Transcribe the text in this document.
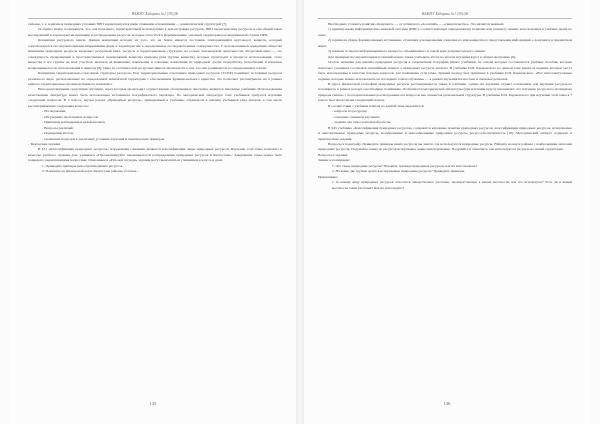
ВАЖНУ Хабаршы №1 (39) (Ж

сильнее, т. е. наличие и природных условиях ПРП характеризуется шире главными основанными — климатической структурой [7].

Особенно важно подчеркнуть, что, как показанно, характеристикой используемых в демонстрации ресурсов, ПРП характеристику ресурсов и сам общий закон исследований и характеристик принципа и распределения ресурсов, которые относятся к формированию основной территории рассматриваемой страны ПРП.

Концепция ресурсного цикла. Данная концепция исходит из того, что на Земле имеется постоянно повторяющийся круговорот веществ, который сопровождается последовательными изменениями форм и характеристик в определенных последовательных совокупностях. С использованием концепции общества изменения природных ресурсов выделяют ресурсный цикл, ресурсы и территориальная структура, на основе человеческой деятельности. Ресурсный цикл — это совокупность превращений и пространственных перемещений вещества природы (или группы веществ), которые происходят в процессе использования, этого вещества и его группы на всех участках, включая её выявление, извлечение и освоение, извлечения из природной среды, переработку, потребление и конечное возвращение после использования в природу [8]. Одна из особенностей ресурсных циклов заключается в том, что они развиваются по определенным этапам.

Концепция территориально-отраслевой структуры ресурсов. Под территориальным сочетанием природных ресурсов (ТСПР) понимают источники ресурсов различного вида, расположенных на определенной компактной территории с обеспечением функционального единства, что позволяет рассматривать их в рамках единого территориально-производственного комплекса.

Непосредственными средствами обучения, через которые происходит осуществление обозначенных программ, являются школьные учебники. Использованная качественная литература может быть использована источником географического характера. По методической литературе этих учебников требуется изучение следующих вопросов. В 5 классе, изучая раздел «Природные ресурсы», приведенный в учебнике, обращается к анализу учебников ряда авторов, в том числе рассматривающих следующие вопросы:

- Исследование;

- Обсуждение проблемных вопросов;

- Принципы наблюдения и целей анализа;

- Вопросы различий;

- Подведение итогов;

- Сравнение подходов в различных условиях изучения и практических примеров.

- Творческие задания.

В §31 «Классификация природных ресурсов» изучаемыми главными являются классификации, виды природных ресурсов. Изучение этой темы позволяет в качестве учебного задания дать учащимся «Проанализируйте закономерности распределения природных ресурсов в Казахстане». Завершение темы может быть подведено закрепляющими вопросами. Описанные в «Рабочей тетради» задания могут выполняться учащимися в классе и дома:

1. Приведите примеры невоспроизводимых ресурсов.

2. Покажите на физической карте Казахстана районы, богатые...

135
ВАЖНУ Хабаршы №1 (39) (Ж

Необходимо уточнить понятия «Документ» — от латинского «docentum» — «свидетельство». Это является важным:

1) единица языка информационно-знаковой системы (ИПС), соответствующая определенному понятию или элементу знания, используемых в учебных целях по теме;

2) термин из сферы формированных источников, служащих для выражения социального или конкретного представления информации о документе в предметном мире;

3) понятие в смысле информационного процесса, объединенного в самой идее документального знания.

Для проверки последовательных познаний можно также учитывать итоги по итогам изучения курса в общем программе [9].

Особое значение для анализа природных ресурсов в современной географии имеют учебники, на основе которых составляются учебные пособия, которые помогают учащимся составлять понятийный аппарат о природных ресурсах региона. В учебнике П.И. Бараковского по данной теме имеются задания, которые могут быть использованы в качестве базовых вопросов для понимания сути темы. Данный подход был применен в учебнике П.И. Бараковского. «Вот интеллектуальные задания, которые можно использовать на последних этапах обучения» — в рамках изучения Казахстана и смежных регионов.

В курсе физической географии природные ресурсы рассматриваются также в учебнике, однако их изучение служит основанием для изучения ресурсного потенциала, в рамках которого необходимо понимание. Особенности методической литературы (при изучении курса) показывают, что изучение ресурсного потенциала природы связано с последовательным рассмотрением его вопросов как элементов региональной структуры. В учебнике П.И. Бараковского при изучении этой темы в 7 классе был представлен следующий подход.

В соответствии с учебным планом по данной теме выделяются:

- вопросы по ресурсам;

- основные элементы изучения;

- задания для самостоятельной работы.

В §45 учебника «Классификация природных ресурсов» содержатся ключевые понятия природных ресурсов, классификации природных ресурсов, исчерпаемые и неисчерпаемые природные ресурсы, возобновимые и невозобновимые природные ресурсы, ресурсообеспеченность [10]. Методический аппарат содержит и практические задания.

Вопросы к параграфу. Приведите примеры каких ресурсов вы знаете, где используются природные ресурсы. Найдите на карте районы с наибольшими запасами природных ресурсов. Подумайте, какие из ресурсов исчерпаемы, какие неисчерпаемые. Подумайте и объясните, как используются ресурсы на нашей территории.

Вопросы и задания:

Знание и понимание:

1. Что такое природные ресурсы? Назовите три вида природных ресурсов, как их использовать?

2. На какие две группы делятся исчерпаемые природные ресурсы? Приведите примеры.

Применение:

1. К какому виду природных ресурсов относится лекарственное растение, произрастающее в вашей местности, как его используют? Есть ли в вашей местности такие растения? Как их используют?

136
